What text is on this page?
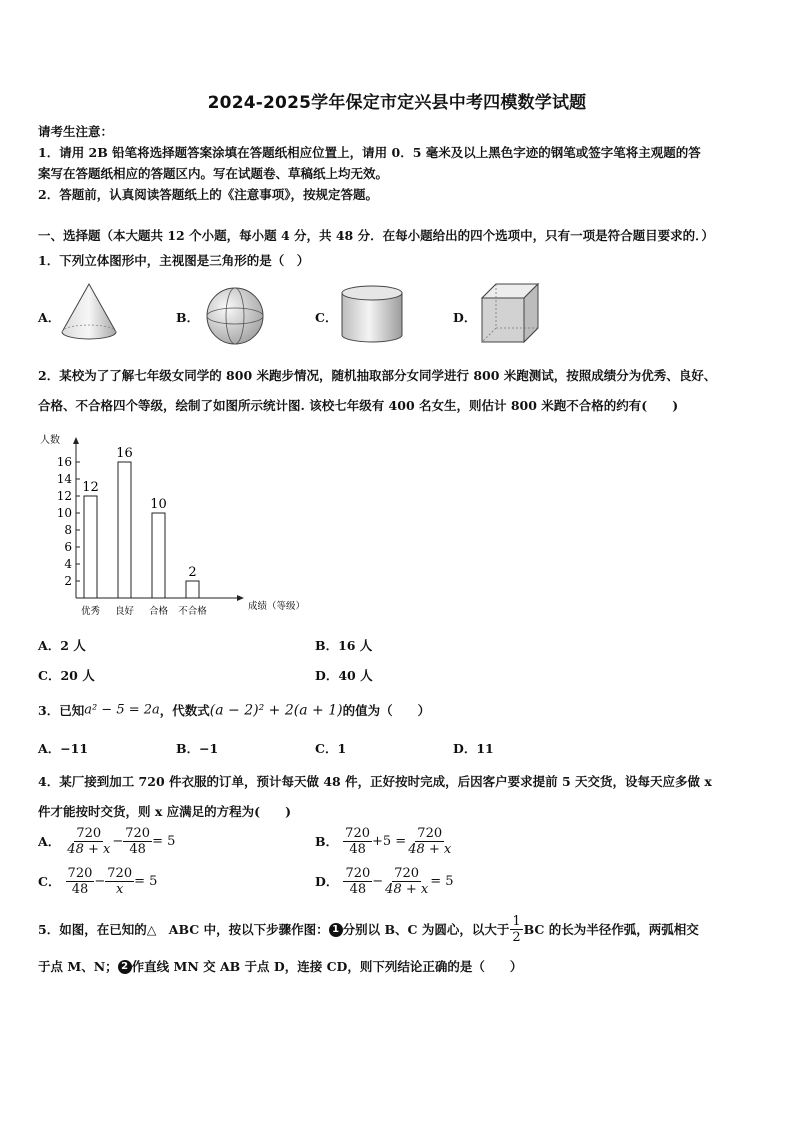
2024-2025学年保定市定兴县中考四模数学试题
请考生注意：
1．请用 2B 铅笔将选择题答案涂填在答题纸相应位置上，请用 0．5 毫米及以上黑色字迹的钢笔或签字笔将主观题的答
案写在答题纸相应的答题区内。写在试题卷、草稿纸上均无效。
2．答题前，认真阅读答题纸上的《注意事项》，按规定答题。
一、选择题（本大题共 12 个小题，每小题 4 分，共 48 分．在每小题给出的四个选项中，只有一项是符合题目要求的．）
1．下列立体图形中，主视图是三角形的是（　）
A．	B．	C．	D．
2．某校为了了解七年级女同学的 800 米跑步情况，随机抽取部分女同学进行 800 米跑测试，按照成绩分为优秀、良好、
合格、不合格四个等级，绘制了如图所示统计图. 该校七年级有 400 名女生，则估计 800 米跑不合格的约有(　　)
人数
2
4
6
8
10
12
14
16
12
优秀
16
良好
10
合格
2
不合格	成绩（等级）
A．2 人	B．16 人
C．20 人	D．40 人
3．已知a² − 5 = 2a，代数式(a − 2)² + 2(a + 1)的值为（　　）
A．−11	B．−1	C．1	D．11
4．某厂接到加工 720 件衣服的订单，预计每天做 48 件，正好按时完成，后因客户要求提前 5 天交货，设每天应多做 x
件才能按时交货，则 x 应满足的方程为(　　)
A． $\frac{720}{48 + x} - \frac{720}{48} = 5$	B． $\frac{720}{48} +5 = \frac{720}{48 + x}$
C． $\frac{720}{48} - \frac{720}{x} = 5$	D． $\frac{720}{48} - \frac{720}{48 + x} = 5$
5．如图，在已知的△　ABC 中，按以下步骤作图： 1 分别以 B、C 为圆心，以大于 $\frac{1}{2}$ BC 的长为半径作弧，两弧相交
于点 M、N； 2 作直线 MN 交 AB 于点 D，连接 CD，则下列结论正确的是（　　）
